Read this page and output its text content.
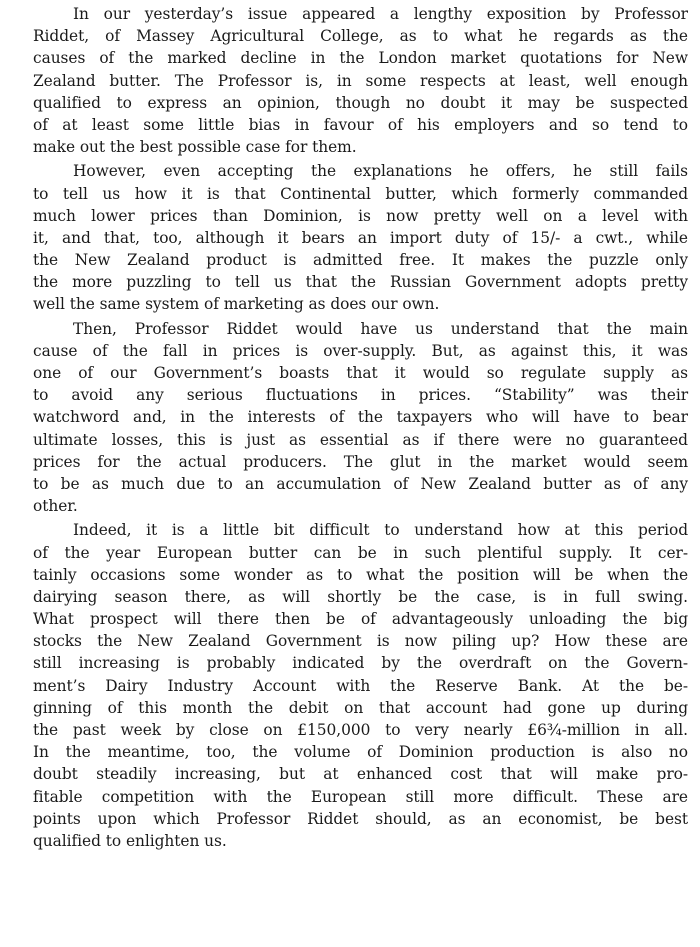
In our yesterday’s issue appeared a lengthy exposition by Professor
Riddet, of Massey Agricultural College, as to what he regards as the
causes of the marked decline in the London market quotations for New
Zealand butter. The Professor is, in some respects at least, well enough
qualified to express an opinion, though no doubt it may be suspected
of at least some little bias in favour of his employers and so tend to
make out the best possible case for them.
However, even accepting the explanations he offers, he still fails
to tell us how it is that Continental butter, which formerly commanded
much lower prices than Dominion, is now pretty well on a level with
it, and that, too, although it bears an import duty of 15/- a cwt., while
the New Zealand product is admitted free. It makes the puzzle only
the more puzzling to tell us that the Russian Government adopts pretty
well the same system of marketing as does our own.
Then, Professor Riddet would have us understand that the main
cause of the fall in prices is over-supply. But, as against this, it was
one of our Government’s boasts that it would so regulate supply as
to avoid any serious fluctuations in prices. “Stability” was their
watchword and, in the interests of the taxpayers who will have to bear
ultimate losses, this is just as essential as if there were no guaranteed
prices for the actual producers. The glut in the market would seem
to be as much due to an accumulation of New Zealand butter as of any
other.
Indeed, it is a little bit difficult to understand how at this period
of the year European butter can be in such plentiful supply. It cer-
tainly occasions some wonder as to what the position will be when the
dairying season there, as will shortly be the case, is in full swing.
What prospect will there then be of advantageously unloading the big
stocks the New Zealand Government is now piling up? How these are
still increasing is probably indicated by the overdraft on the Govern-
ment’s Dairy Industry Account with the Reserve Bank. At the be-
ginning of this month the debit on that account had gone up during
the past week by close on £150,000 to very nearly £6¾-million in all.
In the meantime, too, the volume of Dominion production is also no
doubt steadily increasing, but at enhanced cost that will make pro-
fitable competition with the European still more difficult. These are
points upon which Professor Riddet should, as an economist, be best
qualified to enlighten us.
